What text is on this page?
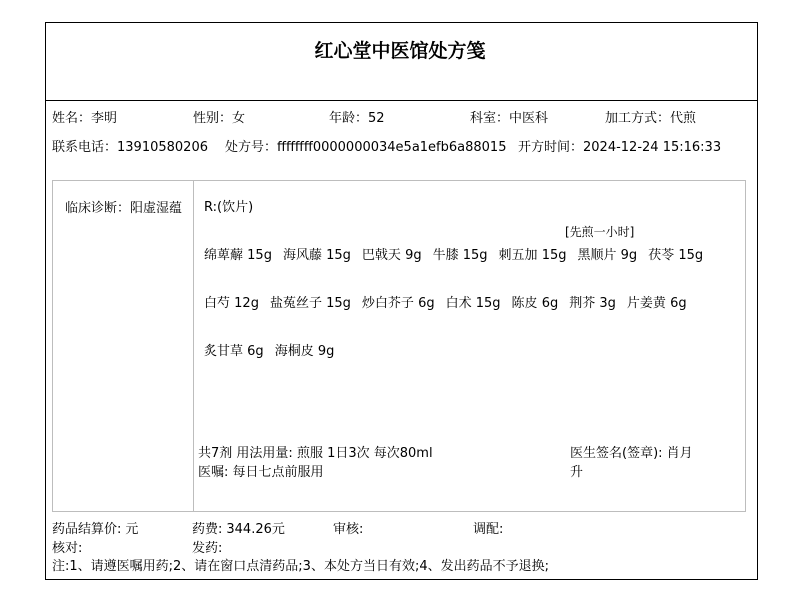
红心堂中医馆处方笺
姓名：李明	性别：女	年龄：52	科室：中医科	加工方式：代煎
联系电话：13910580206 处方号：ffffffff0000000034e5a1efb6a88015 开方时间：2024-12-24 15:16:33
临床诊断：阳虚湿蕴 R:(饮片)
[先煎一小时]
绵萆薢 15g 海风藤 15g 巴戟天 9g 牛膝 15g 刺五加 15g 黑顺片 9g 茯苓 15g
白芍 12g 盐菟丝子 15g 炒白芥子 6g 白术 15g 陈皮 6g 荆芥 3g 片姜黄 6g
炙甘草 6g 海桐皮 9g
共7剂 用法用量: 煎服 1日3次 每次80ml
医嘱: 每日七点前服用
医生签名(签章): 肖月升
药品结算价: 元	药费: 344.26元	审核:	调配:
核对:	发药:
注:1、请遵医嘱用药;2、请在窗口点清药品;3、本处方当日有效;4、发出药品不予退换;
